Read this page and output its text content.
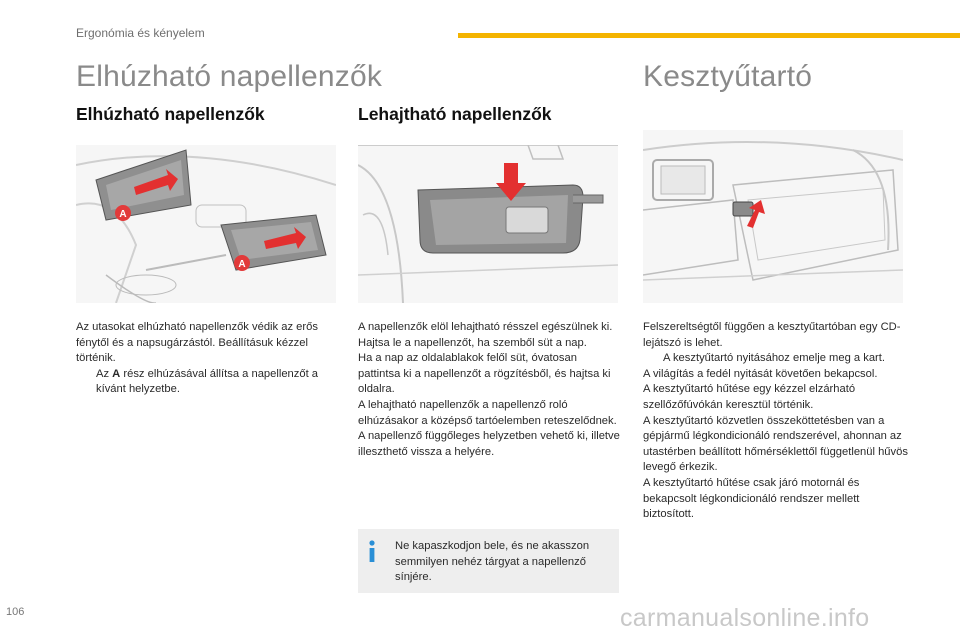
Ergonómia és kényelem
Elhúzható napellenzők	Kesztyűtartó
Elhúzható napellenzők	Lehajtható napellenzők
A
A

Az utasokat elhúzható napellenzők védik az erős fénytől és a napsugárzástól. Beállításuk kézzel történik.

Az A rész elhúzásával állítsa a napellenzőt a kívánt helyzetbe.

A napellenzők elöl lehajtható résszel egészülnek ki.

Hajtsa le a napellenzőt, ha szemből süt a nap.

Ha a nap az oldalablakok felől süt, óvatosan pattintsa ki a napellenzőt a rögzítésből, és hajtsa ki oldalra.

A lehajtható napellenzők a napellenző roló elhúzásakor a középső tartóelemben reteszelődnek. A napellenző függőleges helyzetben vehető ki, illetve illeszthető vissza a helyére.

Ne kapaszkodjon bele, és ne akasszon semmilyen nehéz tárgyat a napellenző sínjére.

Felszereltségtől függően a kesztyűtartóban egy CD-lejátszó is lehet.

A kesztyűtartó nyitásához emelje meg a kart.

A világítás a fedél nyitását követően bekapcsol.

A kesztyűtartó hűtése egy kézzel elzárható szellőzőfúvókán keresztül történik.

A kesztyűtartó közvetlen összeköttetésben van a gépjármű légkondicionáló rendszerével, ahonnan az utastérben beállított hőmérséklettől függetlenül hűvös levegő érkezik.

A kesztyűtartó hűtése csak járó motornál és bekapcsolt légkondicionáló rendszer mellett biztosított.

106	carmanualsonline.info
